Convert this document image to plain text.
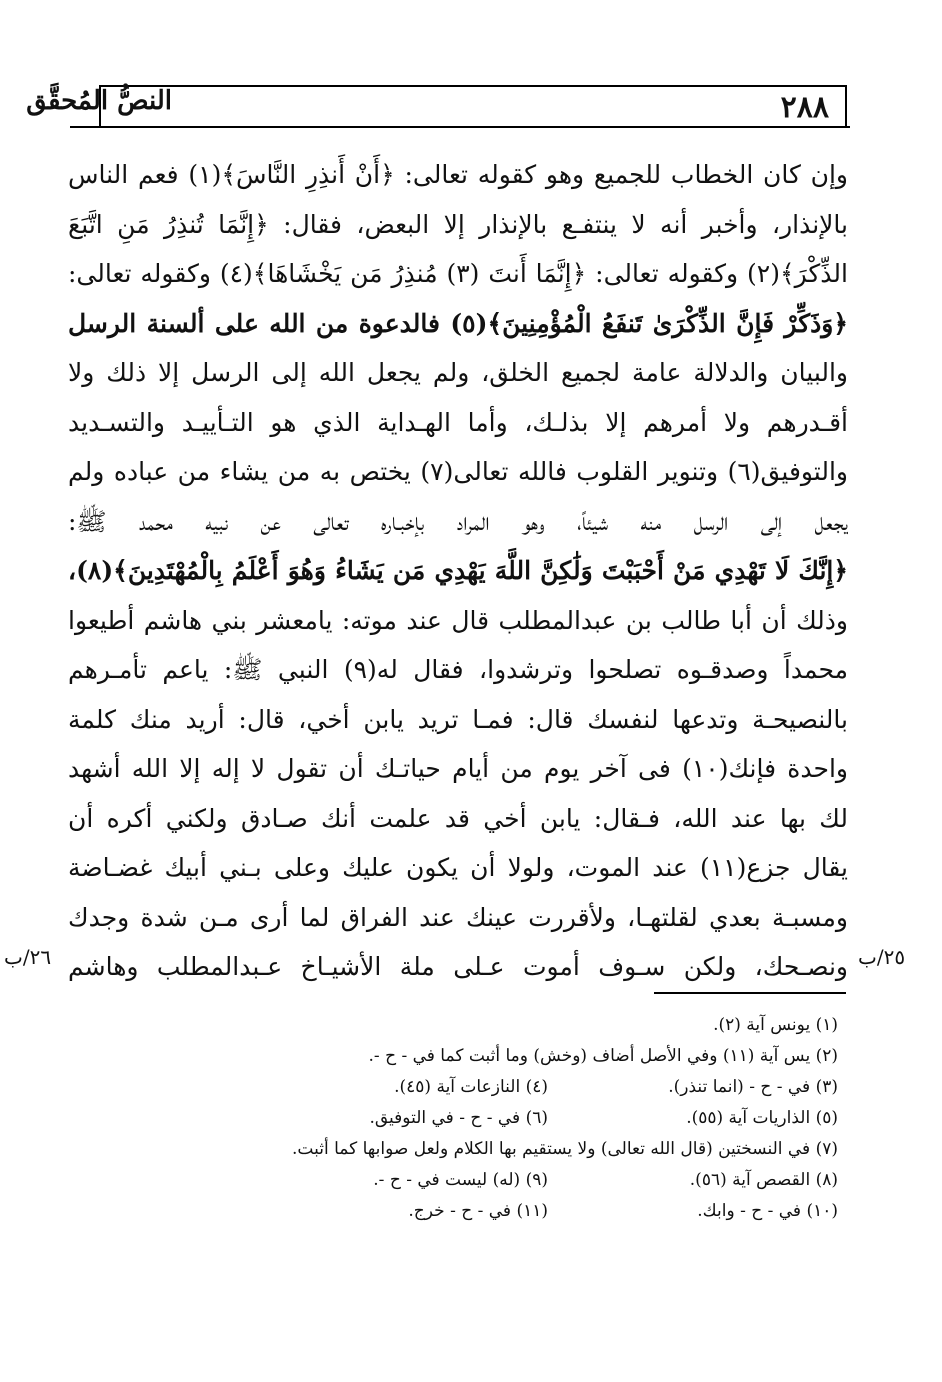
٢٨٨
النصُّ المُحقَّق
وإن كان الخطاب للجميع وهو كقوله تعالى: ﴿أَنْ أَنذِرِ النَّاسَ﴾(١) فعم الناس
بالإنذار، وأخبر أنه لا ينتفـع بالإنذار إلا البعض، فقال: ﴿إِنَّمَا تُنذِرُ مَنِ اتَّبَعَ
الذِّكْرَ﴾(٢) وكقوله تعالى: ﴿إِنَّمَا أَنتَ (٣) مُنذِرُ مَن يَخْشَاهَا﴾(٤) وكقوله تعالى:
﴿وَذَكِّرْ فَإِنَّ الذِّكْرَىٰ تَنفَعُ الْمُؤْمِنِينَ﴾(٥) فالدعوة من الله على ألسنة الرسل
والبيان والدلالة عامة لجميع الخلق، ولم يجعل الله إلى الرسل إلا ذلك ولا
أقـدرهم ولا أمرهم إلا بذلـك، وأما الهـداية الذي هو التـأييـد والتسـديد
والتوفيق(٦) وتنوير القلوب فالله تعالى(٧) يختص به من يشاء من عباده ولم
يجعل إلى الرسل منه شيئاً، وهو المراد بإخبـاره تعالى عن نبيه محمد ﷺ:
﴿إِنَّكَ لَا تَهْدِي مَنْ أَحْبَبْتَ وَلَٰكِنَّ اللَّهَ يَهْدِي مَن يَشَاءُ وَهُوَ أَعْلَمُ بِالْمُهْتَدِينَ﴾(٨)،
وذلك أن أبا طالب بن عبدالمطلب قال عند موته: يامعشر بني هاشم أطيعوا
محمداً وصدقـوه تصلحوا وترشدوا، فقال له(٩) النبي ﷺ: ياعم تأمـرهم
بالنصيحـة وتدعها لنفسك قال: فمـا تريد يابن أخي، قال: أريد منك كلمة
واحدة فإنك(١٠) فى آخر يوم من أيام حياتـك أن تقول لا إله إلا الله أشهد
لك بها عند الله، فـقال: يابن أخي قد علمت أنك صـادق ولكني أكره أن
يقال جزع(١١) عند الموت، ولولا أن يكون عليك وعلى بـني أبيك غضـاضة
ومسبـة بعدي لقلتهـا، ولأقررت عينك عند الفراق لما أرى مـن شدة وجدك
ونصـحك، ولكن سـوف أموت عـلى ملة الأشيـاخ عـبدالمطلب وهاشم ٢٥/ب
٢٦/ب
(١) يونس آية (٢).
(٢) يس آية (١١) وفي الأصل أضاف (وخش) وما أثبت كما في - ح -.
(٣) في - ح - (انما تنذر).
(٤) النازعات آية (٤٥).
(٥) الذاريات آية (٥٥).
(٦) في - ح - في التوفيق.
(٧) في النسختين (قال الله تعالى) ولا يستقيم بها الكلام ولعل صوابها كما أثبت.
(٨) القصص آية (٥٦).
(٩) (له) ليست في - ح -.
(١٠) في - ح - وابك.
(١١) في - ح - خرج.
